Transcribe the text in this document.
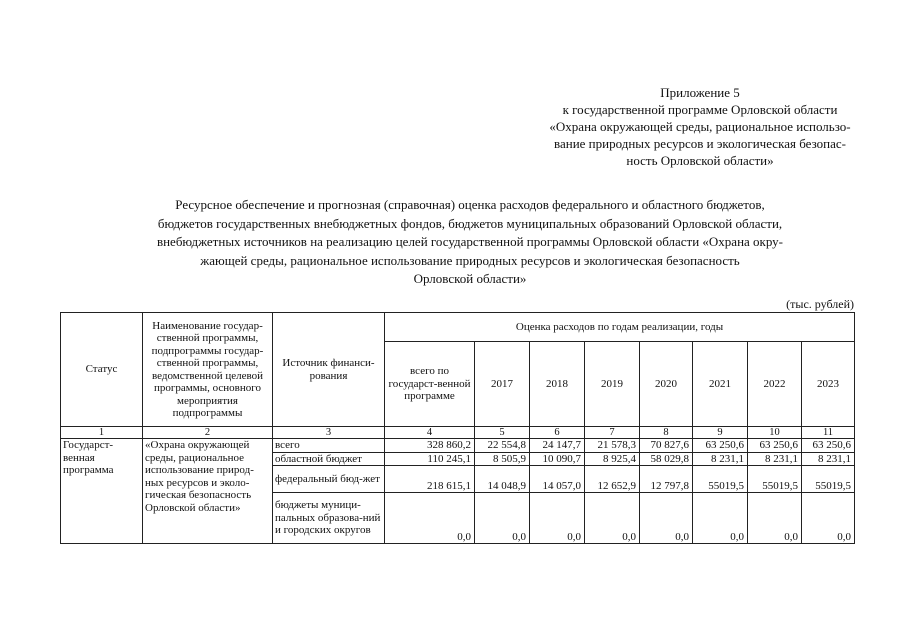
Приложение 5
к государственной программе Орловской области
«Охрана окружающей среды, рациональное использо-
вание природных ресурсов и экологическая безопас-
ность Орловской области»
Ресурсное обеспечение и прогнозная (справочная) оценка расходов федерального и областного бюджетов,
бюджетов государственных внебюджетных фондов, бюджетов муниципальных образований Орловской области,
внебюджетных источников на реализацию целей государственной программы Орловской области «Охрана окру-
жающей среды, рациональное использование природных ресурсов и экологическая безопасность
Орловской области»
(тыс. рублей)
Статус	Наименование государ-ственной программы, подпрограммы государ-ственной программы, ведомственной целевой программы, основного мероприятия подпрограммы	Источник финанси-рования	Оценка расходов по годам реализации, годы							
			всего по государст-венной программе	2017	2018	2019	2020	2021	2022	2023
1	2	3	4	5	6	7	8	9	10	11
Государст-венная программа	«Охрана окружающей среды, рациональное использование природ-ных ресурсов и эколо-гическая безопасность Орловской области»	всего	328 860,2	22 554,8	24 147,7	21 578,3	70 827,6	63 250,6	63 250,6	63 250,6
		областной бюджет	110 245,1	8 505,9	10 090,7	8 925,4	58 029,8	8 231,1	8 231,1	8 231,1
		федеральный бюд-жет	218 615,1	14 048,9	14 057,0	12 652,9	12 797,8	55019,5	55019,5	55019,5
		бюджеты муници-пальных образова-ний и городских округов	0,0	0,0	0,0	0,0	0,0	0,0	0,0	0,0
